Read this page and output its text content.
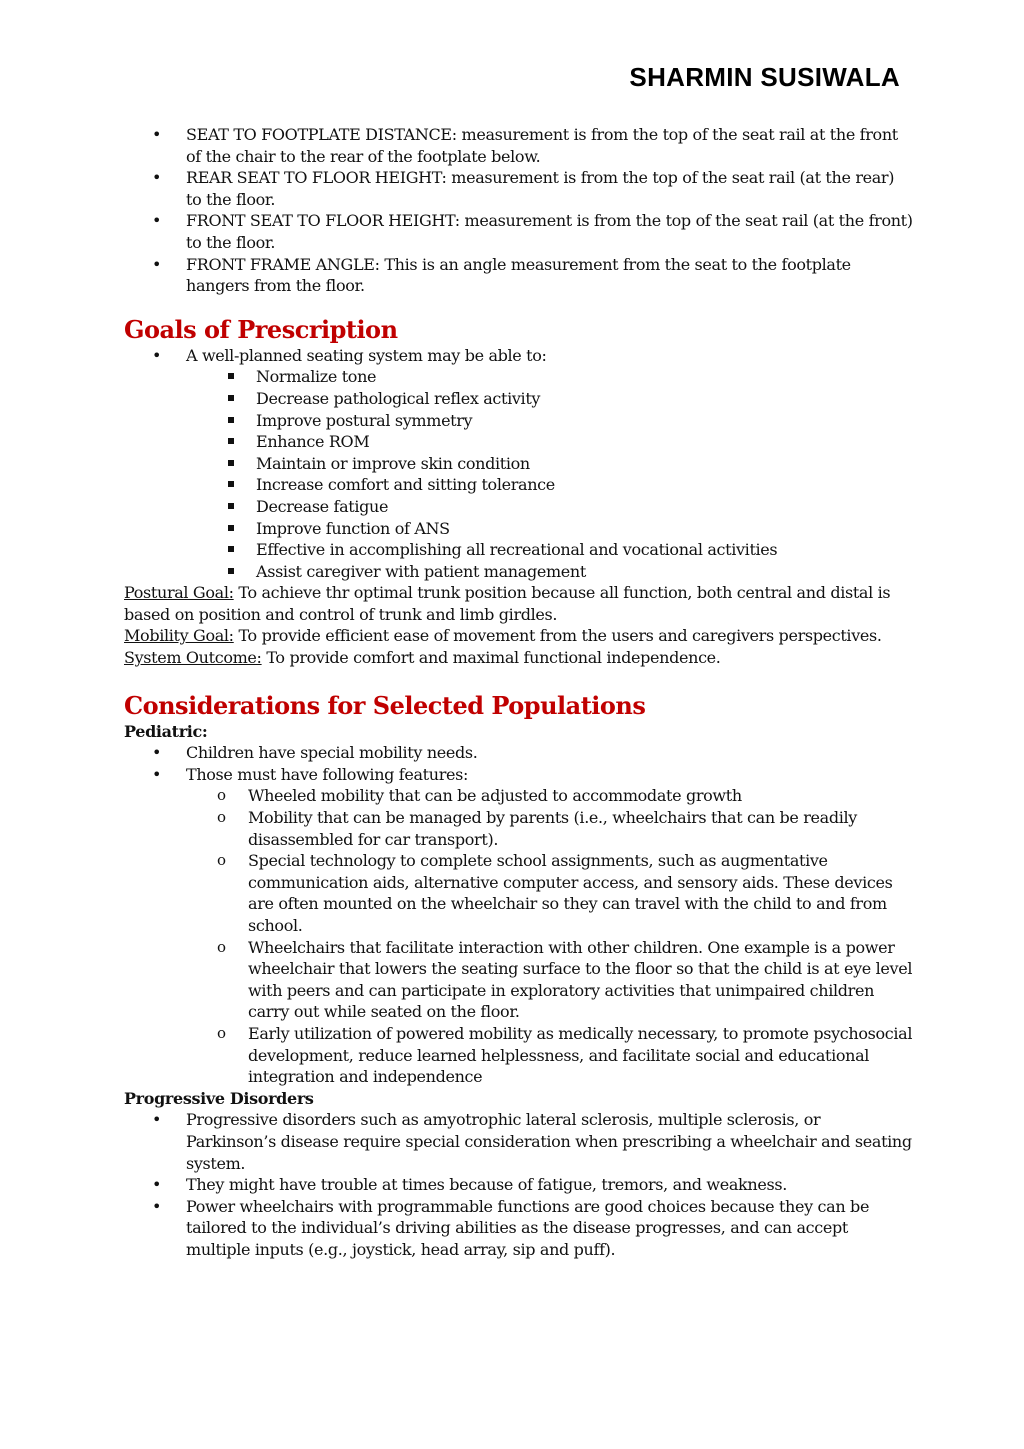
SHARMIN SUSIWALA
• SEAT TO FOOTPLATE DISTANCE: measurement is from the top of the seat rail at the front of the chair to the rear of the footplate below.
• REAR SEAT TO FLOOR HEIGHT: measurement is from the top of the seat rail (at the rear) to the floor.
• FRONT SEAT TO FLOOR HEIGHT: measurement is from the top of the seat rail (at the front) to the floor.
• FRONT FRAME ANGLE: This is an angle measurement from the seat to the footplate hangers from the floor.
Goals of Prescription
• A well-planned seating system may be able to:
Normalize tone
Decrease pathological reflex activity
Improve postural symmetry
Enhance ROM
Maintain or improve skin condition
Increase comfort and sitting tolerance
Decrease fatigue
Improve function of ANS
Effective in accomplishing all recreational and vocational activities
Assist caregiver with patient management

Postural Goal: To achieve thr optimal trunk position because all function, both central and distal is based on position and control of trunk and limb girdles.

Mobility Goal: To provide efficient ease of movement from the users and caregivers perspectives.

System Outcome: To provide comfort and maximal functional independence.

Considerations for Selected Populations
Pediatric:
• Children have special mobility needs.
• Those must have following features:
o Wheeled mobility that can be adjusted to accommodate growth
o Mobility that can be managed by parents (i.e., wheelchairs that can be readily disassembled for car transport).
o Special technology to complete school assignments, such as augmentative communication aids, alternative computer access, and sensory aids. These devices are often mounted on the wheelchair so they can travel with the child to and from school.
o Wheelchairs that facilitate interaction with other children. One example is a power wheelchair that lowers the seating surface to the floor so that the child is at eye level with peers and can participate in exploratory activities that unimpaired children carry out while seated on the floor.
o Early utilization of powered mobility as medically necessary, to promote psychosocial development, reduce learned helplessness, and facilitate social and educational integration and independence
Progressive Disorders
• Progressive disorders such as amyotrophic lateral sclerosis, multiple sclerosis, or Parkinson’s disease require special consideration when prescribing a wheelchair and seating system.
• They might have trouble at times because of fatigue, tremors, and weakness.
• Power wheelchairs with programmable functions are good choices because they can be tailored to the individual’s driving abilities as the disease progresses, and can accept multiple inputs (e.g., joystick, head array, sip and puff).
